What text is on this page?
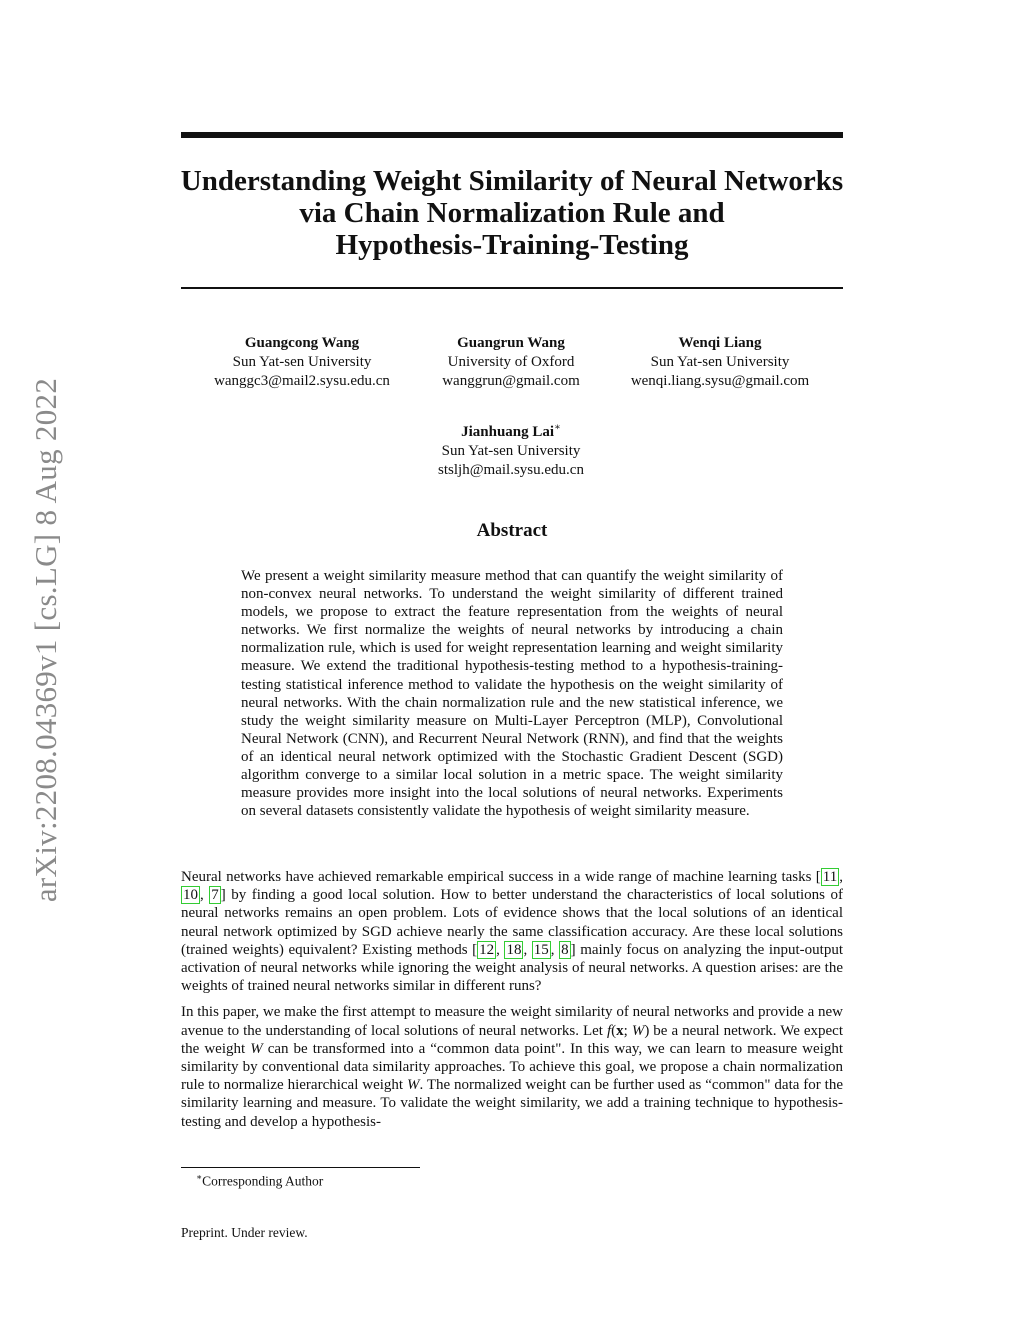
arXiv:2208.04369v1 [cs.LG] 8 Aug 2022
Understanding Weight Similarity of Neural Networks
via Chain Normalization Rule and
Hypothesis-Training-Testing
Guangcong Wang
Sun Yat-sen University
wanggc3@mail2.sysu.edu.cn
Guangrun Wang
University of Oxford
wanggrun@gmail.com
Wenqi Liang
Sun Yat-sen University
wenqi.liang.sysu@gmail.com
Jianhuang Lai∗
Sun Yat-sen University
stsljh@mail.sysu.edu.cn
Abstract

We present a weight similarity measure method that can quantify the weight similarity of non-convex neural networks. To understand the weight similarity of different trained models, we propose to extract the feature representation from the weights of neural networks. We first normalize the weights of neural networks by introducing a chain normalization rule, which is used for weight representation learning and weight similarity measure. We extend the traditional hypothesis-testing method to a hypothesis-training-testing statistical inference method to validate the hypothesis on the weight similarity of neural networks. With the chain normalization rule and the new statistical inference, we study the weight similarity measure on Multi-Layer Perceptron (MLP), Convolutional Neural Network (CNN), and Recurrent Neural Network (RNN), and find that the weights of an identical neural network optimized with the Stochastic Gradient Descent (SGD) algorithm converge to a similar local solution in a metric space. The weight similarity measure provides more insight into the local solutions of neural networks. Experiments on several datasets consistently validate the hypothesis of weight similarity measure.

Neural networks have achieved remarkable empirical success in a wide range of machine learning tasks [ 11 , 10 , 7 ] by finding a good local solution. How to better understand the characteristics of local solutions of neural networks remains an open problem. Lots of evidence shows that the local solutions of an identical neural network optimized by SGD achieve nearly the same classification accuracy. Are these local solutions (trained weights) equivalent? Existing methods [ 12 , 18 , 15 , 8 ] mainly focus on analyzing the input-output activation of neural networks while ignoring the weight analysis of neural networks. A question arises: are the weights of trained neural networks similar in different runs?

In this paper, we make the first attempt to measure the weight similarity of neural networks and provide a new avenue to the understanding of local solutions of neural networks. Let f(x; W) be a neural network. We expect the weight W can be transformed into a “common data point". In this way, we can learn to measure weight similarity by conventional data similarity approaches. To achieve this goal, we propose a chain normalization rule to normalize hierarchical weight W. The normalized weight can be further used as “common" data for the similarity learning and measure. To validate the weight similarity, we add a training technique to hypothesis-testing and develop a hypothesis-

∗Corresponding Author
Preprint. Under review.
